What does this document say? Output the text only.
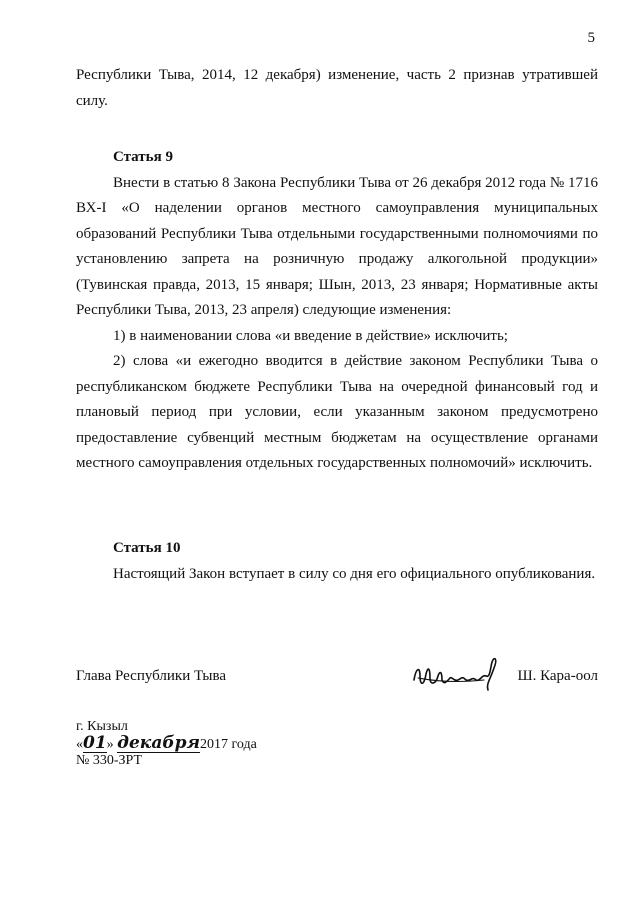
5

Республики Тыва, 2014, 12 декабря) изменение, часть 2 признав утратившей силу.

Статья 9

Внести в статью 8 Закона Республики Тыва от 26 декабря 2012 года № 1716 ВХ-I «О наделении органов местного самоуправления муниципальных образований Республики Тыва отдельными государственными полномочиями по установлению запрета на розничную продажу алкогольной продукции» (Тувинская правда, 2013, 15 января; Шын, 2013, 23 января; Нормативные акты Республики Тыва, 2013, 23 апреля) следующие изменения:

1) в наименовании слова «и введение в действие» исключить;

2) слова «и ежегодно вводится в действие законом Республики Тыва о республиканском бюджете Республики Тыва на очередной финансовый год и плановый период при условии, если указанным законом предусмотрено предоставление субвенций местным бюджетам на осуществление органами местного самоуправления отдельных государственных полномочий» исключить.

Статья 10

Настоящий Закон вступает в силу со дня его официального опубликования.

Глава Республики Тыва	Ш. Кара-оол
г. Кызыл
«01» декабря2017 года
№ 330-ЗРТ
